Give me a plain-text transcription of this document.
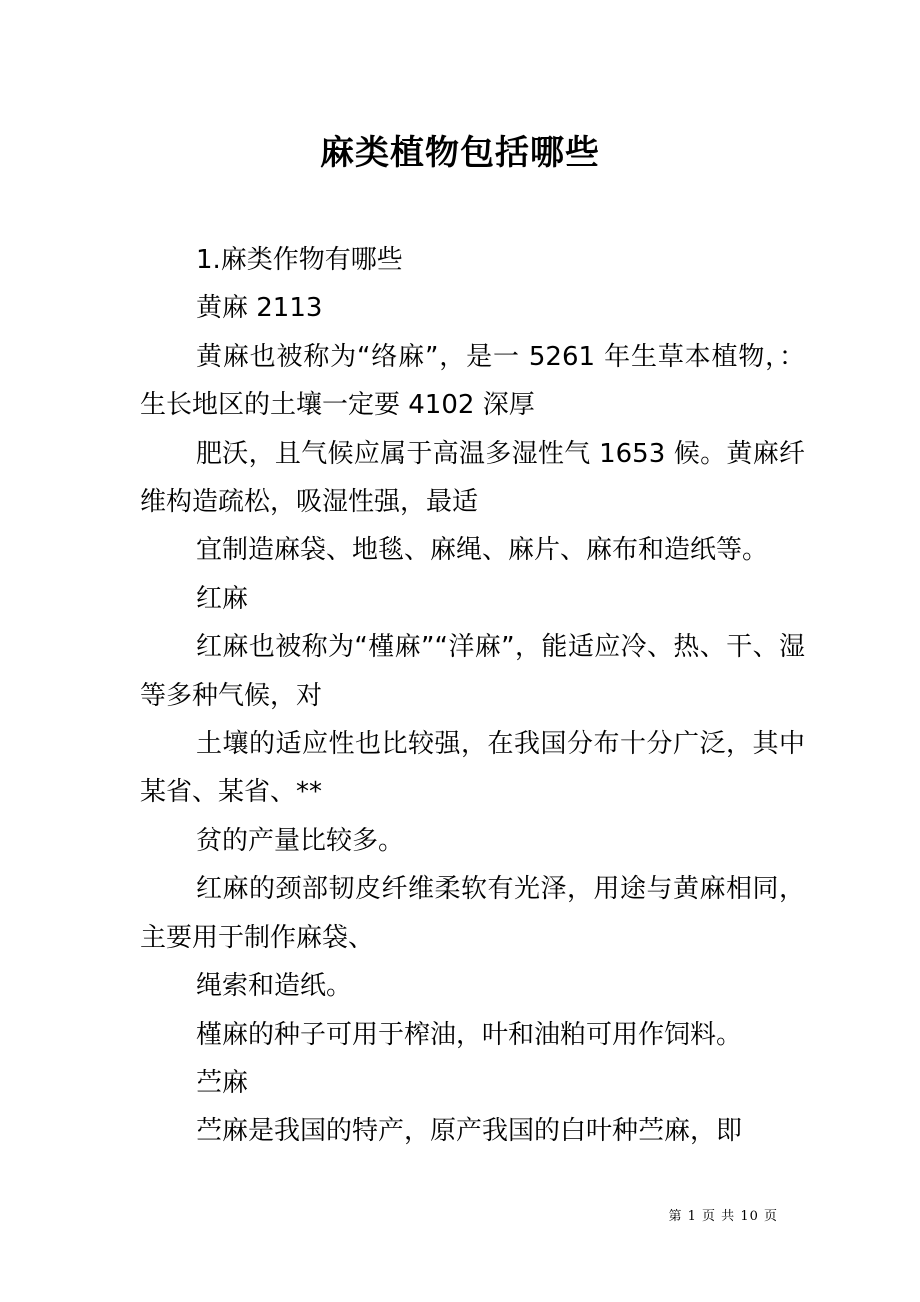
麻类植物包括哪些

1.麻类作物有哪些

黄麻 2113

黄麻也被称为“络麻”，是一 5261 年生草本植物，：生长地区的土壤一定要 4102 深厚

肥沃，且气候应属于高温多湿性气 1653 候。黄麻纤维构造疏松，吸湿性强，最适

宜制造麻袋、地毯、麻绳、麻片、麻布和造纸等。

红麻

红麻也被称为“槿麻”“洋麻”，能适应冷、热、干、湿等多种气候，对

土壤的适应性也比较强，在我国分布十分广泛，其中某省、某省、**

贫的产量比较多。

红麻的颈部韧皮纤维柔软有光泽，用途与黄麻相同，主要用于制作麻袋、

绳索和造纸。

槿麻的种子可用于榨油，叶和油粕可用作饲料。

苎麻

苎麻是我国的特产，原产我国的白叶种苎麻，即

第 1 页 共 10 页
